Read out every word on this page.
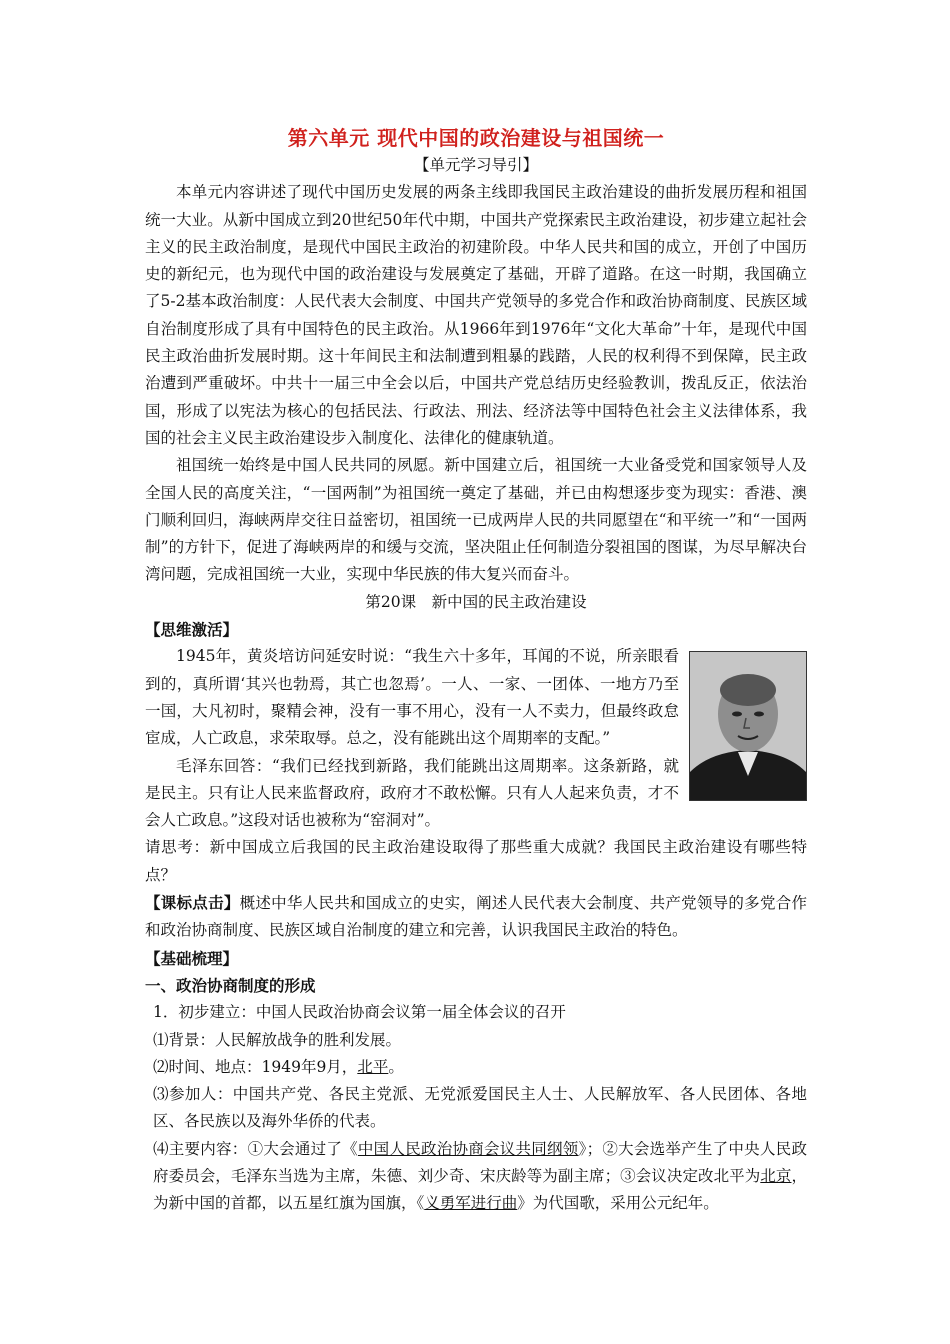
第六单元 现代中国的政治建设与祖国统一
【单元学习导引】

本单元内容讲述了现代中国历史发展的两条主线即我国民主政治建设的曲折发展历程和祖国统一大业。从新中国成立到20世纪50年代中期，中国共产党探索民主政治建设，初步建立起社会主义的民主政治制度，是现代中国民主政治的初建阶段。中华人民共和国的成立，开创了中国历史的新纪元，也为现代中国的政治建设与发展奠定了基础，开辟了道路。在这一时期，我国确立了5-2基本政治制度：人民代表大会制度、中国共产党领导的多党合作和政治协商制度、民族区域自治制度形成了具有中国特色的民主政治。从1966年到1976年“文化大革命”十年，是现代中国民主政治曲折发展时期。这十年间民主和法制遭到粗暴的践踏，人民的权利得不到保障，民主政治遭到严重破坏。中共十一届三中全会以后，中国共产党总结历史经验教训，拨乱反正，依法治国，形成了以宪法为核心的包括民法、行政法、刑法、经济法等中国特色社会主义法律体系，我国的社会主义民主政治建设步入制度化、法律化的健康轨道。

祖国统一始终是中国人民共同的夙愿。新中国建立后，祖国统一大业备受党和国家领导人及全国人民的高度关注，“一国两制”为祖国统一奠定了基础，并已由构想逐步变为现实：香港、澳门顺利回归，海峡两岸交往日益密切，祖国统一已成两岸人民的共同愿望在“和平统一”和“一国两制”的方针下，促进了海峡两岸的和缓与交流，坚决阻止任何制造分裂祖国的图谋，为尽早解决台湾问题，完成祖国统一大业，实现中华民族的伟大复兴而奋斗。

第20课　新中国的民主政治建设
【思维激活】

1945年，黄炎培访问延安时说：“我生六十多年，耳闻的不说，所亲眼看到的，真所谓‘其兴也勃焉，其亡也忽焉’。一人、一家、一团体、一地方乃至一国，大凡初时，聚精会神，没有一事不用心，没有一人不卖力，但最终政怠宦成，人亡政息，求荣取辱。总之，没有能跳出这个周期率的支配。”

毛泽东回答：“我们已经找到新路，我们能跳出这周期率。这条新路，就是民主。只有让人民来监督政府，政府才不敢松懈。只有人人起来负责，才不会人亡政息。”这段对话也被称为“窑洞对”。

请思考：新中国成立后我国的民主政治建设取得了那些重大成就？我国民主政治建设有哪些特点？

【课标点击】概述中华人民共和国成立的史实，阐述人民代表大会制度、共产党领导的多党合作和政治协商制度、民族区域自治制度的建立和完善，认识我国民主政治的特色。

【基础梳理】
一、政治协商制度的形成

1．初步建立：中国人民政治协商会议第一届全体会议的召开

⑴背景：人民解放战争的胜利发展。

⑵时间、地点：1949年9月，北平。

⑶参加人：中国共产党、各民主党派、无党派爱国民主人士、人民解放军、各人民团体、各地区、各民族以及海外华侨的代表。

⑷主要内容：①大会通过了《中国人民政治协商会议共同纲领》；②大会选举产生了中央人民政府委员会，毛泽东当选为主席，朱德、刘少奇、宋庆龄等为副主席；③会议决定改北平为北京，为新中国的首都，以五星红旗为国旗，《义勇军进行曲》为代国歌，采用公元纪年。
